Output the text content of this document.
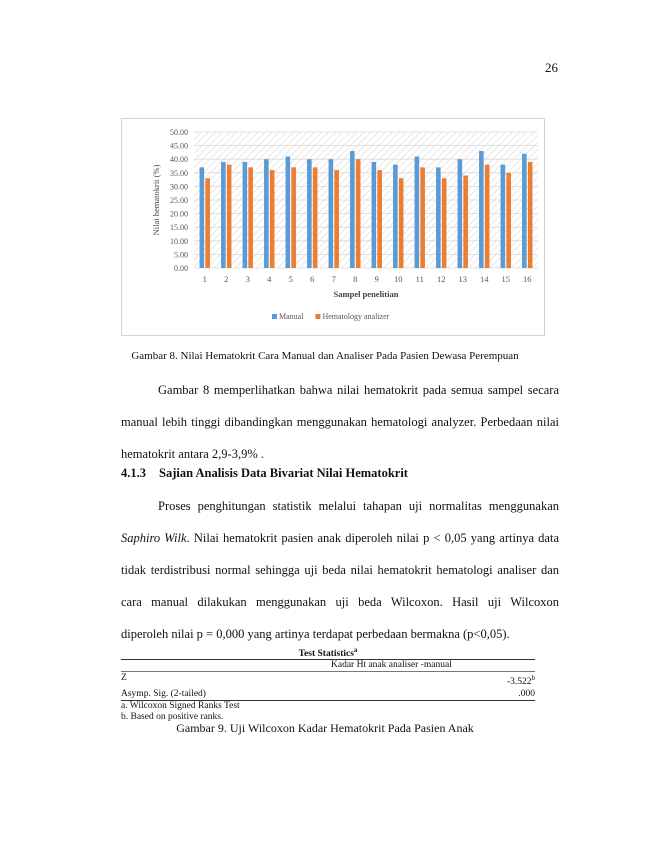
26
0.00
5.00
10.00
15.00
20.00
25.00
30.00
35.00
40.00
45.00
50.00
1 2 3 4 5 6 7 8 9 10 11 12 13 14 15 16
Nilai hematokrit (%)
Sampel penelitian
Manual Hematology analizer
Gambar 8. Nilai Hematokrit Cara Manual dan Analiser Pada Pasien Dewasa Perempuan
Gambar 8 memperlihatkan bahwa nilai hematokrit pada semua sampel secara
manual lebih tinggi dibandingkan menggunakan hematologi analyzer. Perbedaan nilai
hematokrit antara 2,9-3,9% .
4.1.3 Sajian Analisis Data Bivariat Nilai Hematokrit
Proses penghitungan statistik melalui tahapan uji normalitas menggunakan
Saphiro Wilk. Nilai hematokrit pasien anak diperoleh nilai p < 0,05 yang artinya data
tidak terdistribusi normal sehingga uji beda nilai hematokrit hematologi analiser dan
cara manual dilakukan menggunakan uji beda Wilcoxon. Hasil uji Wilcoxon
diperoleh nilai p = 0,000 yang artinya terdapat perbedaan bermakna (p<0,05).
Test Statistics$^a$
Kadar Ht anak analiser -manual
Z	-3.522$^b$
Asymp. Sig. (2-tailed)	.000
a. Wilcoxon Signed Ranks Test
b. Based on positive ranks.
Gambar 9. Uji Wilcoxon Kadar Hematokrit Pada Pasien Anak
